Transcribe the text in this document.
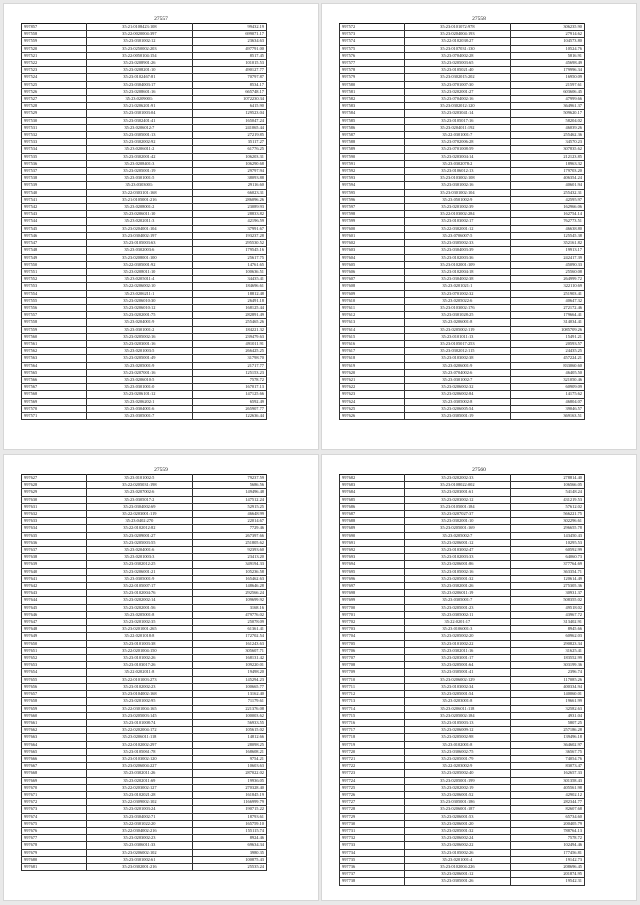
27557
997857	35:21:0108423:108	99432.19
997558	35:22:0020004:397	699071.17
997559	35:23:0301002:12	23634.63
997520	35:23:0250002:203	497791.00
997521	35:22:0050104:154	8517.45
997522	35:23:0208901:26	101015.53
997523	35:23:0208201:10	490127.77
997524	35:23:0102467:81	70797.87
997525	35:23:0304003:17	8534.17
997526	35:23:0208601:16	665748.17
997527	35:23:0209001:	1072230.34
997528	35:21:0206201:91	6415.90
997529	35:23:0301003:04	129523.04
997530	35:23:0302401:41	165047.24
997531	35:23:0206012:7	241065.44
997532	35:23:0305001:13	27219.85
997533	35:23:0302002:92	35117.27
997534	35:23:0206011:2	61776.25
997535	35:23:0302001:42	106203.31
997536	35:23:0208401:3	106290.68
997537	35:23:0205001:19	29797.94
997538	35:23:0301001:5	38093.88
997539	35:23:0303001:	29116.60
997540	35:22:0303101:168	66023.31
997541	35:21:0105001:216	286096.26
997542	35:23:0208001:2	23089.93
997543	35:23:0206011:10	28833.82
997544	35:23:0202011:3	42196.59
997545	35:23:0204001:104	37991.67
997546	35:23:0304002:197	193237.28
997547	35:23:0105003:63	295530.52
997548	35:23:0302003:6	179545.16
997549	35:23:0208001:100	25617.75
997550	35:22:0305001:92	14761.65
997551	35:23:0208011:10	100636.51
997552	35:23:0205011:4	34435.41
997553	35:22:0206002:10	184696.61
997554	35:23:0206211:1	18812.48
997555	35:23:0206010:30	26491.18
997556	35:23:0206010:12	168125.44
997557	35:23:0202001:75	282891.49
997558	35:23:0204001:9	255465.26
997559	35:23:0301001:2	184221.32
997560	35:23:0205002:16	239479.63
997561	35:23:0203001:16	491011.91
997562	35:23:0201003:5	266425.25
997563	35:23:0205001:49	31798.70
997564	35:23:0205001:9	21717.77
997565	35:23:0207001:16	125153.23
997566	35:23:0206010:5	7578.72
997567	35:23:0301001:0	167017.13
997568	35:23:0206101:12	147125.66
997569	35:23:0206202:1	6592.49
997570	35:23:0304001:6	265907.77
997571	35:23:0305001:7	122636.44
27558
997572	35:23:0101072:978	306235.90
997573	35:23:0204004:193	27914.62
997574	35:22:0102038:27	104573.80
997575	35:23:0107031:130	10524.76
997576	35:23:0704002:28	5816.91
997577	35:23:0205003:65	45698.49
997578	35:23:0105021:40	179996.34
997579	35:23:0302015:202	16950.09
997580	35:23:0701007:30	21597.61
997581	35:23:0202001:27	603606.45
997582	35:23:0704002:16	47999.66
997583	35:23:0302012:120	364961.37
997584	35:23:0203041:14	509620.17
997585	35:23:0105017:16	58204.02
997586	35:23:0204011:192	46039.26
997587	35:22:0301001:7	255462.36
997588	35:23:0702006:28	34570.23
997589	35:23:0701008:59	307835.62
997590	35:23:0203004:14	212123.85
997591	35:23:0302078:2	18963.32
997592	35:23:0106012:13	179703.20
997593	35:23:0103002:108	406354.24
997594	35:23:0301002:16	40601.94
997595	35:23:0301002:104	255432.31
997596	35:23:0501002:9	42595.97
997597	35:23:0201002:39	162966.06
997598	35:22:0103002:284	162754.14
997599	35:23:0103002:17	762773.51
997600	35:22:0302001:12	46638.80
997601	35:23:0706007:5	125545.38
997602	35:23:0305002:33	352161.82
997603	35:23:0304003:39	19913.17
997604	35:23:0102003:36	242417.39
997605	35:23:0102001:109	45090.33
997606	35:23:0102004:18	25560.08
997607	35:23:0304002:38	264999.72
997608	35:23:0201021:1	322110.69
997609	35:23:0701002:32	251903.41
997610	35:23:0205022:6	40647.32
997611	35:23:0103002:176	272172.46
997612	35:23:0301028:25	179664.41
997613	35:23:0206001:8	314034.41
997614	35:23:0205002:119	1085709.26
997615	35:23:0101011:13	15491.21
997616	35:23:0105017:253	20593.57
997617	35:23:0302012:115	24435.25
997618	35:23:0103002:38	457224.21
997619	35:23:0206001:9	833060.60
997620	35:23:0704002:6	46405.50
997621	35:23:0301002:7	321050.46
997622	35:23:0206002:32	60909.09
997623	35:23:0206002:84	14175.62
997624	35:23:0305002:8	46804.07
997625	35:23:0206005:54	39046.57
997626	35:23:0305001:19	369163.51
27559
997627	35:23:0101002:5	79237.59
997628	35:22:0205031:198	5686.56
997629	35:23:0207002:6	149496.48
997630	35:23:0305017:2	147512.24
997631	35:23:0304002:69	52915.25
997632	35:22:0203001:119	46648.99
997633	35:23:0402:270	22014.67
997634	35:22:0102012:82	7729.46
997635	35:23:0209001:27	267397.66
997636	35:23:0205003:55	251805.62
997637	35:23:0204001:6	92393.60
997638	35:23:0201003:3	23413.20
997639	35:23:0302012:25	349194.33
997640	35:23:0206001:21	105236.58
997641	35:23:0305001:9	165462.63
997642	35:22:0105007:17	148646.28
997643	35:23:0102004:76	292566.24
997644	35:23:0202002:14	109699.92
997645	35:23:0202001:56	3168.16
997646	35:23:0205001:8	479776.02
997647	35:23:0201002:35	25078.09
997648	35:23:0201001:265	61361.41
997649	35:22:0201018:8	172702.54
997650	35:23:0101003:38	161243.63
997651	35:22:0201004:150	305607.71
997652	35:23:0101002:26	168131.42
997653	35:23:0103017:26	109220.01
997654	35:22:0202011:8	19498.20
997655	35:22:0101003:273	145294.23
997656	35:23:0102002:23	100665.77
997657	35:23:0104002:168	13162.40
997658	35:23:0201002:95	71179.61
997659	35:22:0301004:165	221376.08
997660	35:23:0205003:145	100003.62
997661	35:23:0101008:74	56933.55
997662	35:22:0202004:172	105615.02
997663	35:23:0206011:118	14812.66
997664	35:22:0102002:297	28098.25
997665	35:23:0105061:78	168608.21
997666	35:23:0103002:120	9754.21
997667	35:23:0206004:227	10603.63
997668	35:23:0302011:26	287022.02
997669	35:23:0202011:69	19936.05
997670	35:22:0203002:127	270328.40
997671	35:23:0102021:28	161845.19
997672	35:22:0309002:102	1166999.79
997673	35:23:0201003:24	190715.22
997674	35:23:0304002:71	18793.61
997675	35:22:0301022:20	165759.10
997676	35:22:0304002:216	155115.74
997677	35:23:0203002:23	8924.46
997678	35:23:0306011:33	69634.34
997679	35:23:0206002:102	3980.35
997680	35:23:0301002:61	100875.43
997681	35:23:0302001:216	25535.24
27560
997682	35:23:0202002:33	278814.40
997683	35:23:0108022:002	106566.05
997684	35:23:0203001:61	54148.24
997685	35:23:0203002:12	431219.53
997686	35:23:0105001:184	57612.02
997687	35:23:0207027:37	566221.75
997688	35:23:0302001:10	302296.61
997689	35:23:0205001:169	296655.78
997690	35:23:0205002:7	143450.43
997691	35:23:0206001:12	10295.53
997692	35:23:0103002:47	60592.99
997693	35:23:0102003:33	64060.73
997694	35:23:0206001:86	377764.69
997695	35:23:0105002:16	363354.71
997696	35:23:0205001:32	120614.49
997697	35:23:0302001:26	275305.36
997698	35:23:0206011:19	30931.37
997699	35:23:0305001:7	508355.02
997700	35:23:0205001:23	49518.02
997701	35:23:0305002:11	43967.72
997702	35:22:0201:17	313402.91
997703	35:23:0106001:3	8945.66
997704	35:23:0205002:20	60962.03
997705	35:23:0101002:22	290823.34
997706	35:23:0302011:16	31625.41
997707	35:23:0203001:17	183552.99
997708	35:23:0205001:64	303199.36
997709	35:23:0305001:41	2396.74
997710	35:23:0206002:129	117085.26
997711	35:23:0103002:34	400334.94
997712	35:23:0205001:54	140060.01
997713	35:23:0203001:8	19661.99
997714	35:23:0206011:118	32582.63
997715	35:23:0205002:184	4931.04
997716	35:23:0105003:13	5807.25
997717	35:23:0206009:12	257186.28
997718	35:23:0205002:98	139496.18
997719	35:23:0102001:8	364602.97
997720	35:23:0306002:75	36567.75
997721	35:23:0205001:79	74054.76
997722	35:22:0203002:9	83073.47
997723	35:23:0205002:40	162657.33
997724	35:23:0205001:199	301358.43
997725	35:23:0202002:19	405561.98
997726	35:23:0206001:52	42902.12
997727	35:23:0305001:186	282344.77
997728	35:23:0206001:187	82607.68
997729	35:23:0206001:53	65734.60
997730	35:23:0206001:20	200405.79
997731	35:23:0205001:32	788764.13
997732	35:23:0206002:24	7578.72
997733	35:23:0206002:22	102494.46
997734	35:23:0105002:26	177456.81
997735	35:23:0201001:4	19142.73
997736	35:23:0102004:226	208696.45
997737	35:23:0206001:12	201874.95
997738	35:23:0305001:26	19542.31
